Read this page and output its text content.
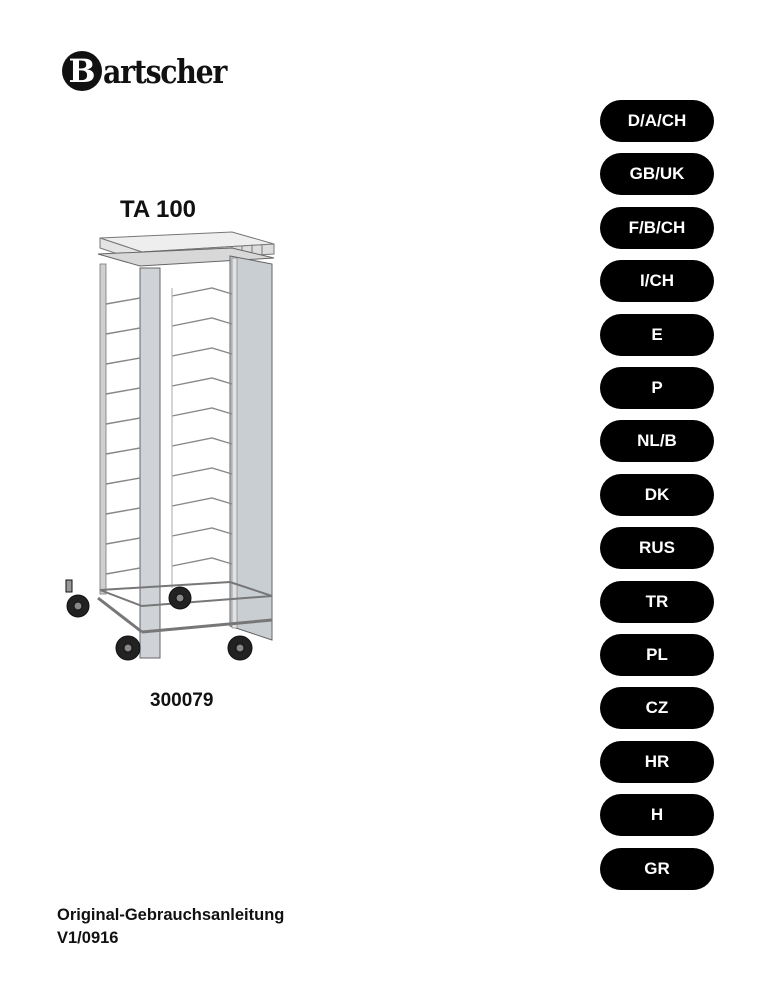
B artscher
TA 100
300079
D/A/CH
GB/UK
F/B/CH
I/CH
E
P
NL/B
DK
RUS
TR
PL
CZ
HR
H
GR
Original-Gebrauchsanleitung
V1/0916
